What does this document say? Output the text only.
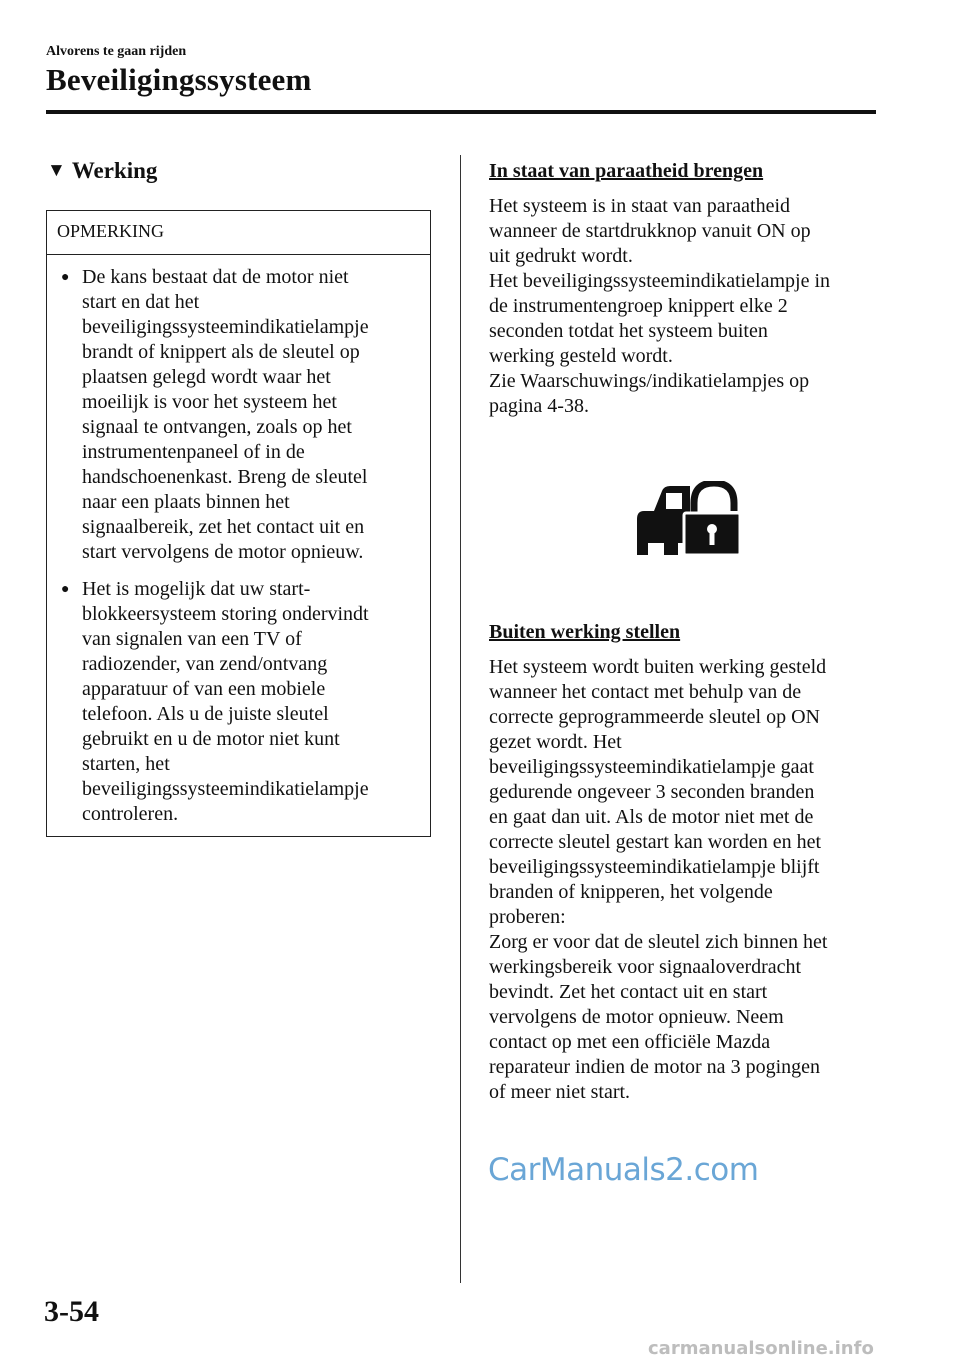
Alvorens te gaan rijden
Beveiligingssysteem
▼ Werking
OPMERKING
● De kans bestaat dat de motor niet
start en dat het
beveiligingssysteemindikatielampje
brandt of knippert als de sleutel op
plaatsen gelegd wordt waar het
moeilijk is voor het systeem het
signaal te ontvangen, zoals op het
instrumentenpaneel of in de
handschoenenkast. Breng de sleutel
naar een plaats binnen het
signaalbereik, zet het contact uit en
start vervolgens de motor opnieuw.
● Het is mogelijk dat uw start-
blokkeersysteem storing ondervindt
van signalen van een TV of
radiozender, van zend/ontvang
apparatuur of van een mobiele
telefoon. Als u de juiste sleutel
gebruikt en u de motor niet kunt
starten, het
beveiligingssysteemindikatielampje
controleren.
In staat van paraatheid brengen
Het systeem is in staat van paraatheid
wanneer de startdrukknop vanuit ON op
uit gedrukt wordt.
Het beveiligingssysteemindikatielampje in
de instrumentengroep knippert elke 2
seconden totdat het systeem buiten
werking gesteld wordt.
Zie Waarschuwings/indikatielampjes op
pagina 4-38.
Buiten werking stellen
Het systeem wordt buiten werking gesteld
wanneer het contact met behulp van de
correcte geprogrammeerde sleutel op ON
gezet wordt. Het
beveiligingssysteemindikatielampje gaat
gedurende ongeveer 3 seconden branden
en gaat dan uit. Als de motor niet met de
correcte sleutel gestart kan worden en het
beveiligingssysteemindikatielampje blijft
branden of knipperen, het volgende
proberen:
Zorg er voor dat de sleutel zich binnen het
werkingsbereik voor signaaloverdracht
bevindt. Zet het contact uit en start
vervolgens de motor opnieuw. Neem
contact op met een officiële Mazda
reparateur indien de motor na 3 pogingen
of meer niet start.
CarManuals2.com
3-54
carmanualsonline.info
